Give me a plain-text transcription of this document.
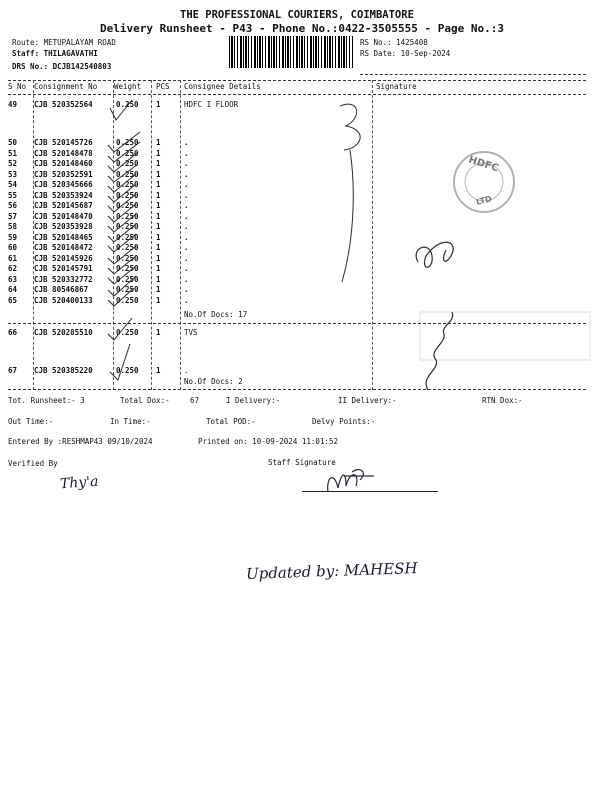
THE PROFESSIONAL COURIERS, COIMBATORE
Delivery Runsheet - P43 - Phone No.:0422-3505555 - Page No.:3
Route: METUPALAYAM ROAD
Staff: THILAGAVATHI
DRS No.: DCJB142540803
RS No.: 1425408
RS Date: 10-Sep-2024
S No Consignment No Weight PCS Consignee Details	Signature
49 CJB 520352564	0.250 1	HDFC I FLOOR
50 CJB 520145726	0.250 1	.
51 CJB 520148478	0.250 1	.
52 CJB 520148460	0.250 1	.
53 CJB 520352591	0.250 1	.
54 CJB 520345666	0.250 1	.
55 CJB 520353924	0.250 1	.
56 CJB 520145687	0.250 1	.
57 CJB 520148470	0.250 1	.
58 CJB 520353928	0.250 1	.
59 CJB 520148465	0.250 1	.
60 CJB 520148472	0.250 1	.
61 CJB 520145926	0.250 1	.
62 CJB 520145791	0.250 1	.
63 CJB 520332772	0.250 1	.
64 CJB 80546867	0.250 1	.
65 CJB 520400133	0.250 1	.
No.Of Docs: 17
66 CJB 520285510	0.250 1	TVS
67 CJB 520385220	0.250 1	.
No.Of Docs: 2
Tot. Runsheet:- 3	Total Dox:-	67	I Delivery:-	II Delivery:-	RTN Dox:-
Out Time:-	In Time:-	Total POD:-	Delvy Points:-
Entered By :RESHMAP43 09/10/2024	Printed on: 10-09-2024 11:01:52
Verified By	Staff Signature
HDFC
LTD
Thy'a
Updated by: MAHESH
